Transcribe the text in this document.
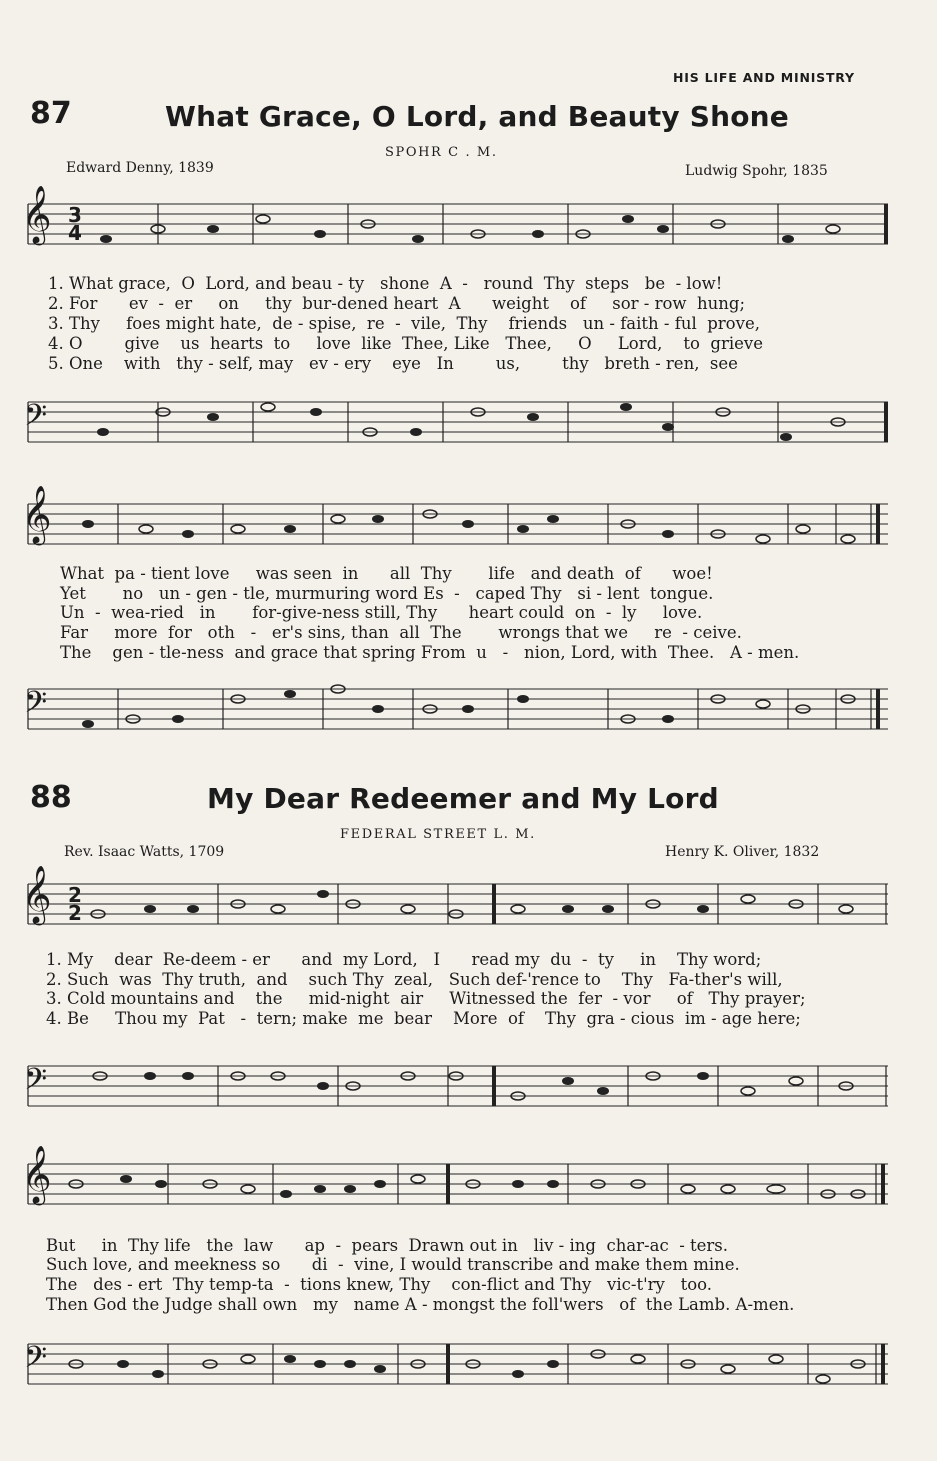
HIS LIFE AND MINISTRY
87	What Grace, O Lord, and Beauty Shone
SPOHR C . M.
Edward Denny, 1839	Ludwig Spohr, 1835
𝄞 3 4
1. What grace,  O  Lord, and beau - ty   shone  A  -   round  Thy  steps   be  - low!
2. For      ev  -  er     on     thy  bur-dened heart  A      weight    of     sor - row  hung;
3. Thy     foes might hate,  de - spise,  re  -  vile,  Thy    friends   un - faith - ful  prove,
4. O        give    us  hearts  to     love  like  Thee, Like   Thee,     O     Lord,    to  grieve
5. One    with   thy - self, may   ev - ery    eye   In        us,        thy   breth - ren,  see
𝄢
𝄞
What  pa - tient love     was seen  in      all  Thy       life   and death  of      woe!
Yet       no   un - gen - tle, murmuring word Es  -   caped Thy   si - lent  tongue.
Un  -  wea-ried   in       for-give-ness still, Thy      heart could  on  -  ly     love.
Far     more  for   oth   -   er's sins, than  all  The       wrongs that we     re  - ceive.
The    gen - tle-ness  and grace that spring From  u   -   nion, Lord, with  Thee.   A - men.
𝄢
88	My Dear Redeemer and My Lord
FEDERAL STREET L. M.
Rev. Isaac Watts, 1709	Henry K. Oliver, 1832
𝄞 2 2
1. My    dear  Re-deem - er      and  my Lord,   I      read my  du  -  ty     in    Thy word;
2. Such  was  Thy truth,  and    such Thy  zeal,   Such def-'rence to    Thy   Fa-ther's will,
3. Cold mountains and    the     mid-night  air     Witnessed the  fer  - vor     of   Thy prayer;
4. Be     Thou my  Pat   -  tern; make  me  bear    More  of    Thy  gra - cious  im - age here;
𝄢
𝄞
But     in  Thy life   the  law      ap  -  pears  Drawn out in   liv - ing  char-ac  - ters.
Such love, and meekness so      di  -  vine, I would transcribe and make them mine.
The   des - ert  Thy temp-ta  -  tions knew, Thy    con-flict and Thy   vic-t'ry   too.
Then God the Judge shall own   my   name A - mongst the foll'wers   of  the Lamb. A-men.
𝄢
